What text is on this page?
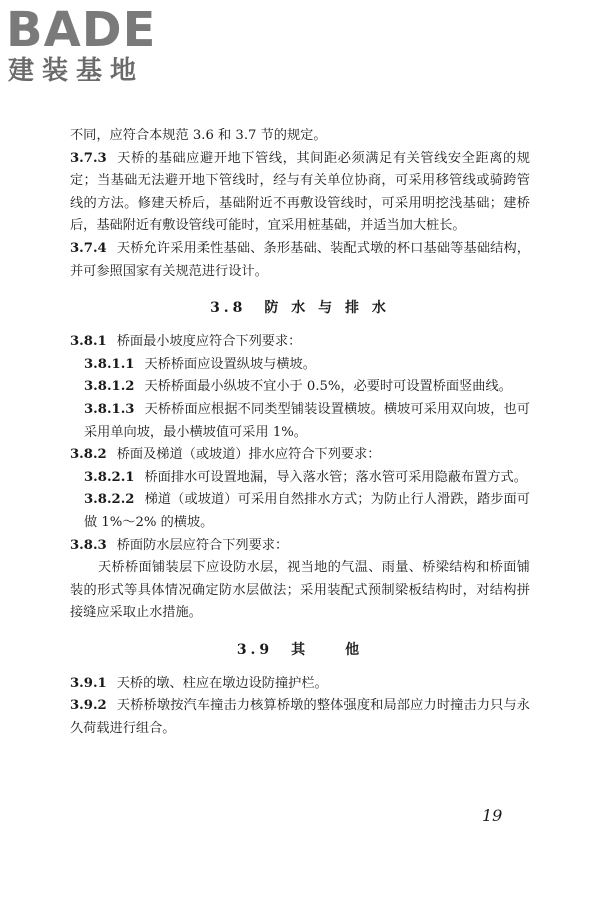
BADE
建装基地

不同，应符合本规范 3.6 和 3.7 节的规定。

3.7.3 天桥的基础应避开地下管线，其间距必须满足有关管线安全距离的规定；当基础无法避开地下管线时，经与有关单位协商，可采用移管线或骑跨管线的方法。修建天桥后，基础附近不再敷设管线时，可采用明挖浅基础；建桥后，基础附近有敷设管线可能时，宜采用桩基础，并适当加大桩长。

3.7.4 天桥允许采用柔性基础、条形基础、装配式墩的杯口基础等基础结构，并可参照国家有关规范进行设计。

3.8　防 水 与 排 水

3.8.1 桥面最小坡度应符合下列要求：

3.8.1.1 天桥桥面应设置纵坡与横坡。

3.8.1.2 天桥桥面最小纵坡不宜小于 0.5%，必要时可设置桥面竖曲线。

3.8.1.3 天桥桥面应根据不同类型铺装设置横坡。横坡可采用双向坡，也可采用单向坡，最小横坡值可采用 1%。

3.8.2 桥面及梯道（或坡道）排水应符合下列要求：

3.8.2.1 桥面排水可设置地漏，导入落水管；落水管可采用隐蔽布置方式。

3.8.2.2 梯道（或坡道）可采用自然排水方式；为防止行人滑跌，踏步面可做 1%～2% 的横坡。

3.8.3 桥面防水层应符合下列要求：

天桥桥面铺装层下应设防水层，视当地的气温、雨量、桥梁结构和桥面铺装的形式等具体情况确定防水层做法；采用装配式预制梁板结构时，对结构拼接缝应采取止水措施。

3.9　其　　他

3.9.1 天桥的墩、柱应在墩边设防撞护栏。

3.9.2 天桥桥墩按汽车撞击力核算桥墩的整体强度和局部应力时撞击力只与永久荷载进行组合。

19
